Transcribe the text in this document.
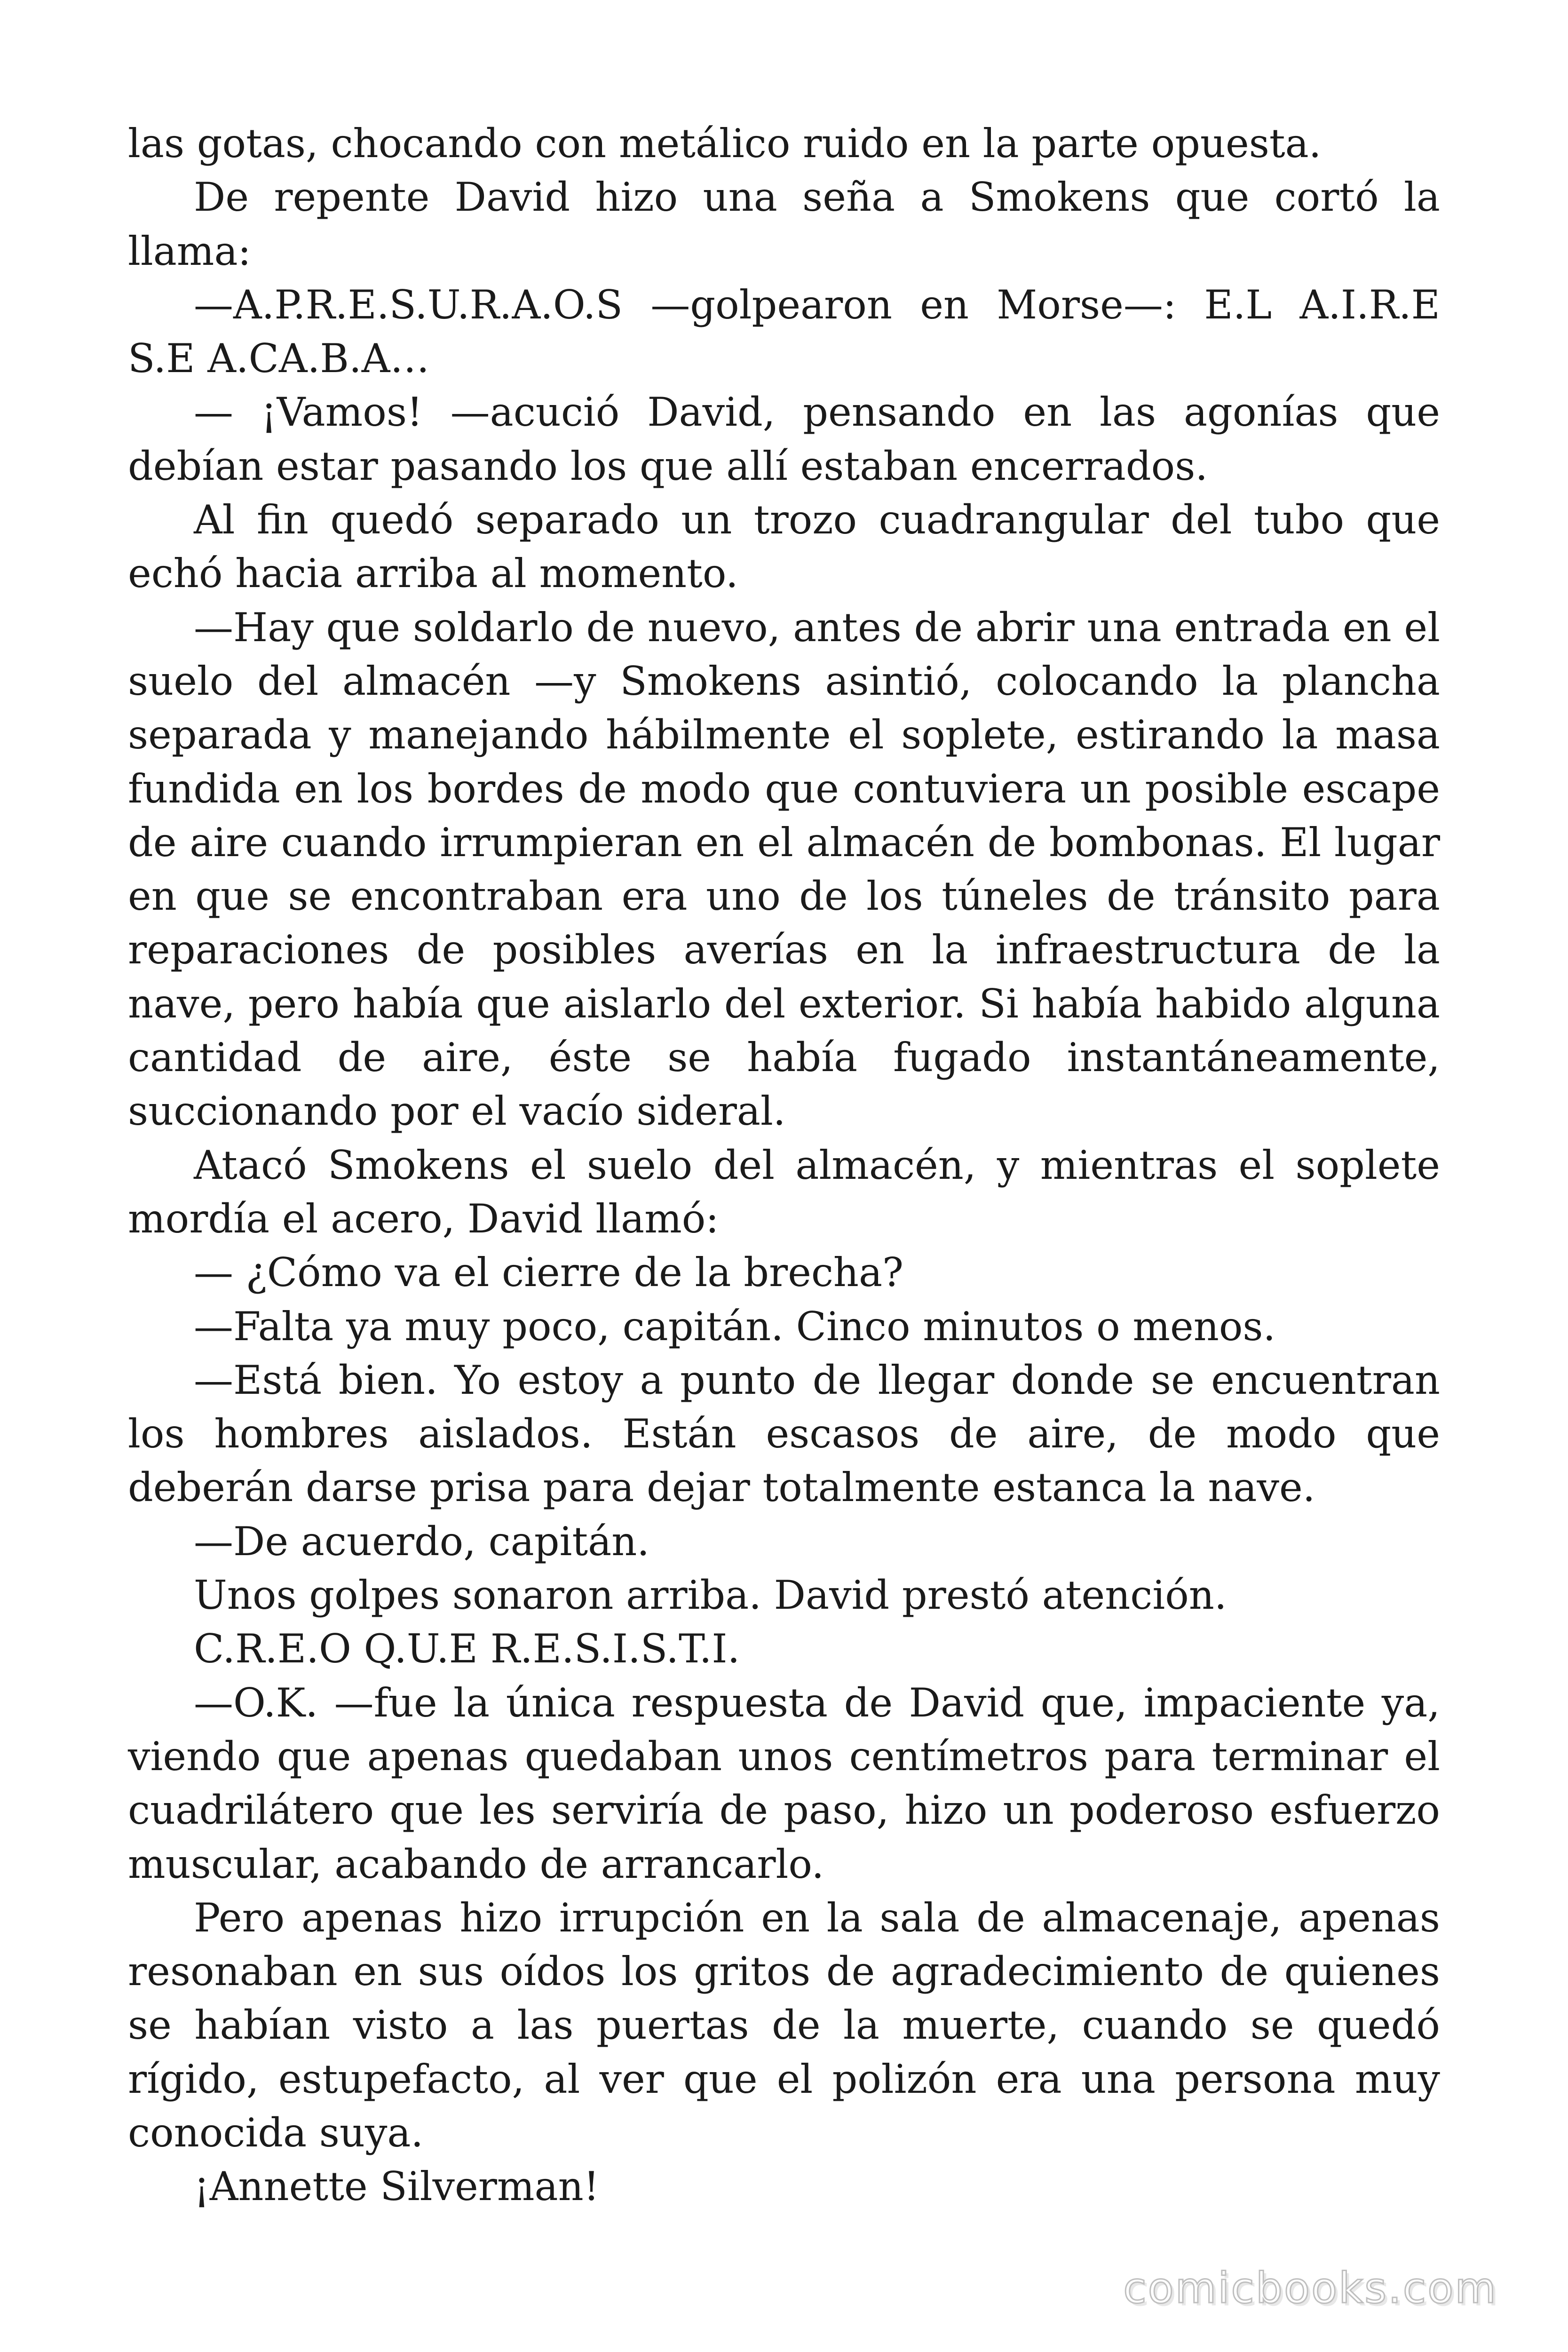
las gotas, chocando con metálico ruido en la parte opuesta.

De repente David hizo una seña a Smokens que cortó la llama:

—A.P.R.E.S.U.R.A.O.S —golpearon en Morse—: E.L A.I.R.E S.E A.CA.B.A…

— ¡Vamos! —acució David, pensando en las agonías que debían estar pasando los que allí estaban encerrados.

Al fin quedó separado un trozo cuadrangular del tubo que echó hacia arriba al momento.

—Hay que soldarlo de nuevo, antes de abrir una entrada en el suelo del almacén —y Smokens asintió, colocando la plancha separada y manejando hábilmente el soplete, estirando la masa fundida en los bordes de modo que contuviera un posible escape de aire cuando irrumpieran en el almacén de bombonas. El lugar en que se encontraban era uno de los túneles de tránsito para reparaciones de posibles averías en la infraestructura de la nave, pero había que aislarlo del exterior. Si había habido alguna cantidad de aire, éste se había fugado instantáneamente, succionando por el vacío sideral.

Atacó Smokens el suelo del almacén, y mientras el soplete mordía el acero, David llamó:

— ¿Cómo va el cierre de la brecha?

—Falta ya muy poco, capitán. Cinco minutos o menos.

—Está bien. Yo estoy a punto de llegar donde se encuentran los hombres aislados. Están escasos de aire, de modo que deberán darse prisa para dejar totalmente estanca la nave.

—De acuerdo, capitán.

Unos golpes sonaron arriba. David prestó atención.

C.R.E.O Q.U.E R.E.S.I.S.T.I.

—O.K. —fue la única respuesta de David que, impaciente ya, viendo que apenas quedaban unos centímetros para terminar el cuadrilátero que les serviría de paso, hizo un poderoso esfuerzo muscular, acabando de arrancarlo.

Pero apenas hizo irrupción en la sala de almacenaje, apenas resonaban en sus oídos los gritos de agradecimiento de quienes se habían visto a las puertas de la muerte, cuando se quedó rígido, estupefacto, al ver que el polizón era una persona muy conocida suya.

¡Annette Silverman!

comicbooks.com
